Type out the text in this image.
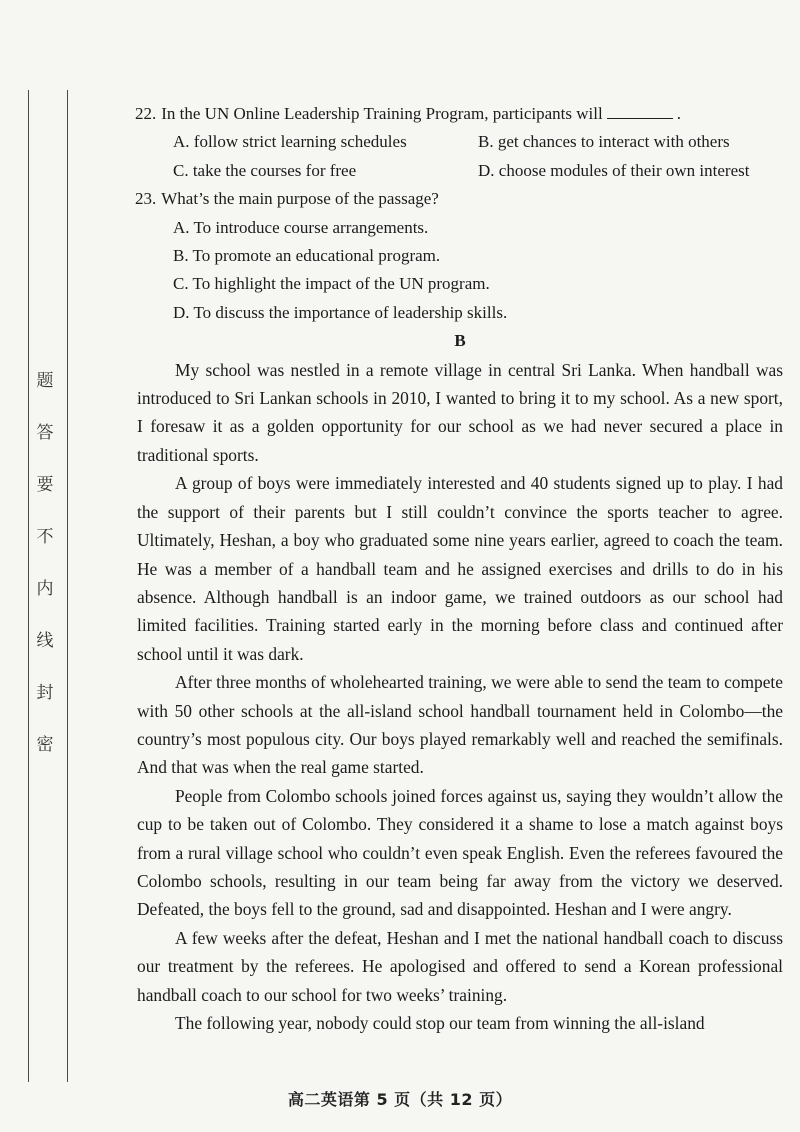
题
答
要
不
内
线
封
密
22. In the UN Online Leadership Training Program, participants will	.
A. follow strict learning schedules	B. get chances to interact with others
C. take the courses for free	D. choose modules of their own interest
23. What’s the main purpose of the passage?
A. To introduce course arrangements.
B. To promote an educational program.
C. To highlight the impact of the UN program.
D. To discuss the importance of leadership skills.

B

My school was nestled in a remote village in central Sri Lanka. When handball was introduced to Sri Lankan schools in 2010, I wanted to bring it to my school. As a new sport, I foresaw it as a golden opportunity for our school as we had never secured a place in traditional sports.

A group of boys were immediately interested and 40 students signed up to play. I had the support of their parents but I still couldn’t convince the sports teacher to agree. Ultimately, Heshan, a boy who graduated some nine years earlier, agreed to coach the team. He was a member of a handball team and he assigned exercises and drills to do in his absence. Although handball is an indoor game, we trained outdoors as our school had limited facilities. Training started early in the morning before class and continued after school until it was dark.

After three months of wholehearted training, we were able to send the team to compete with 50 other schools at the all-island school handball tournament held in Colombo—the country’s most populous city. Our boys played remarkably well and reached the semifinals. And that was when the real game started.

People from Colombo schools joined forces against us, saying they wouldn’t allow the cup to be taken out of Colombo. They considered it a shame to lose a match against boys from a rural village school who couldn’t even speak English. Even the referees favoured the Colombo schools, resulting in our team being far away from the victory we deserved. Defeated, the boys fell to the ground, sad and disappointed. Heshan and I were angry.

A few weeks after the defeat, Heshan and I met the national handball coach to discuss our treatment by the referees. He apologised and offered to send a Korean professional handball coach to our school for two weeks’ training.

The following year, nobody could stop our team from winning the all-island

高二英语第 5 页（共 12 页）
